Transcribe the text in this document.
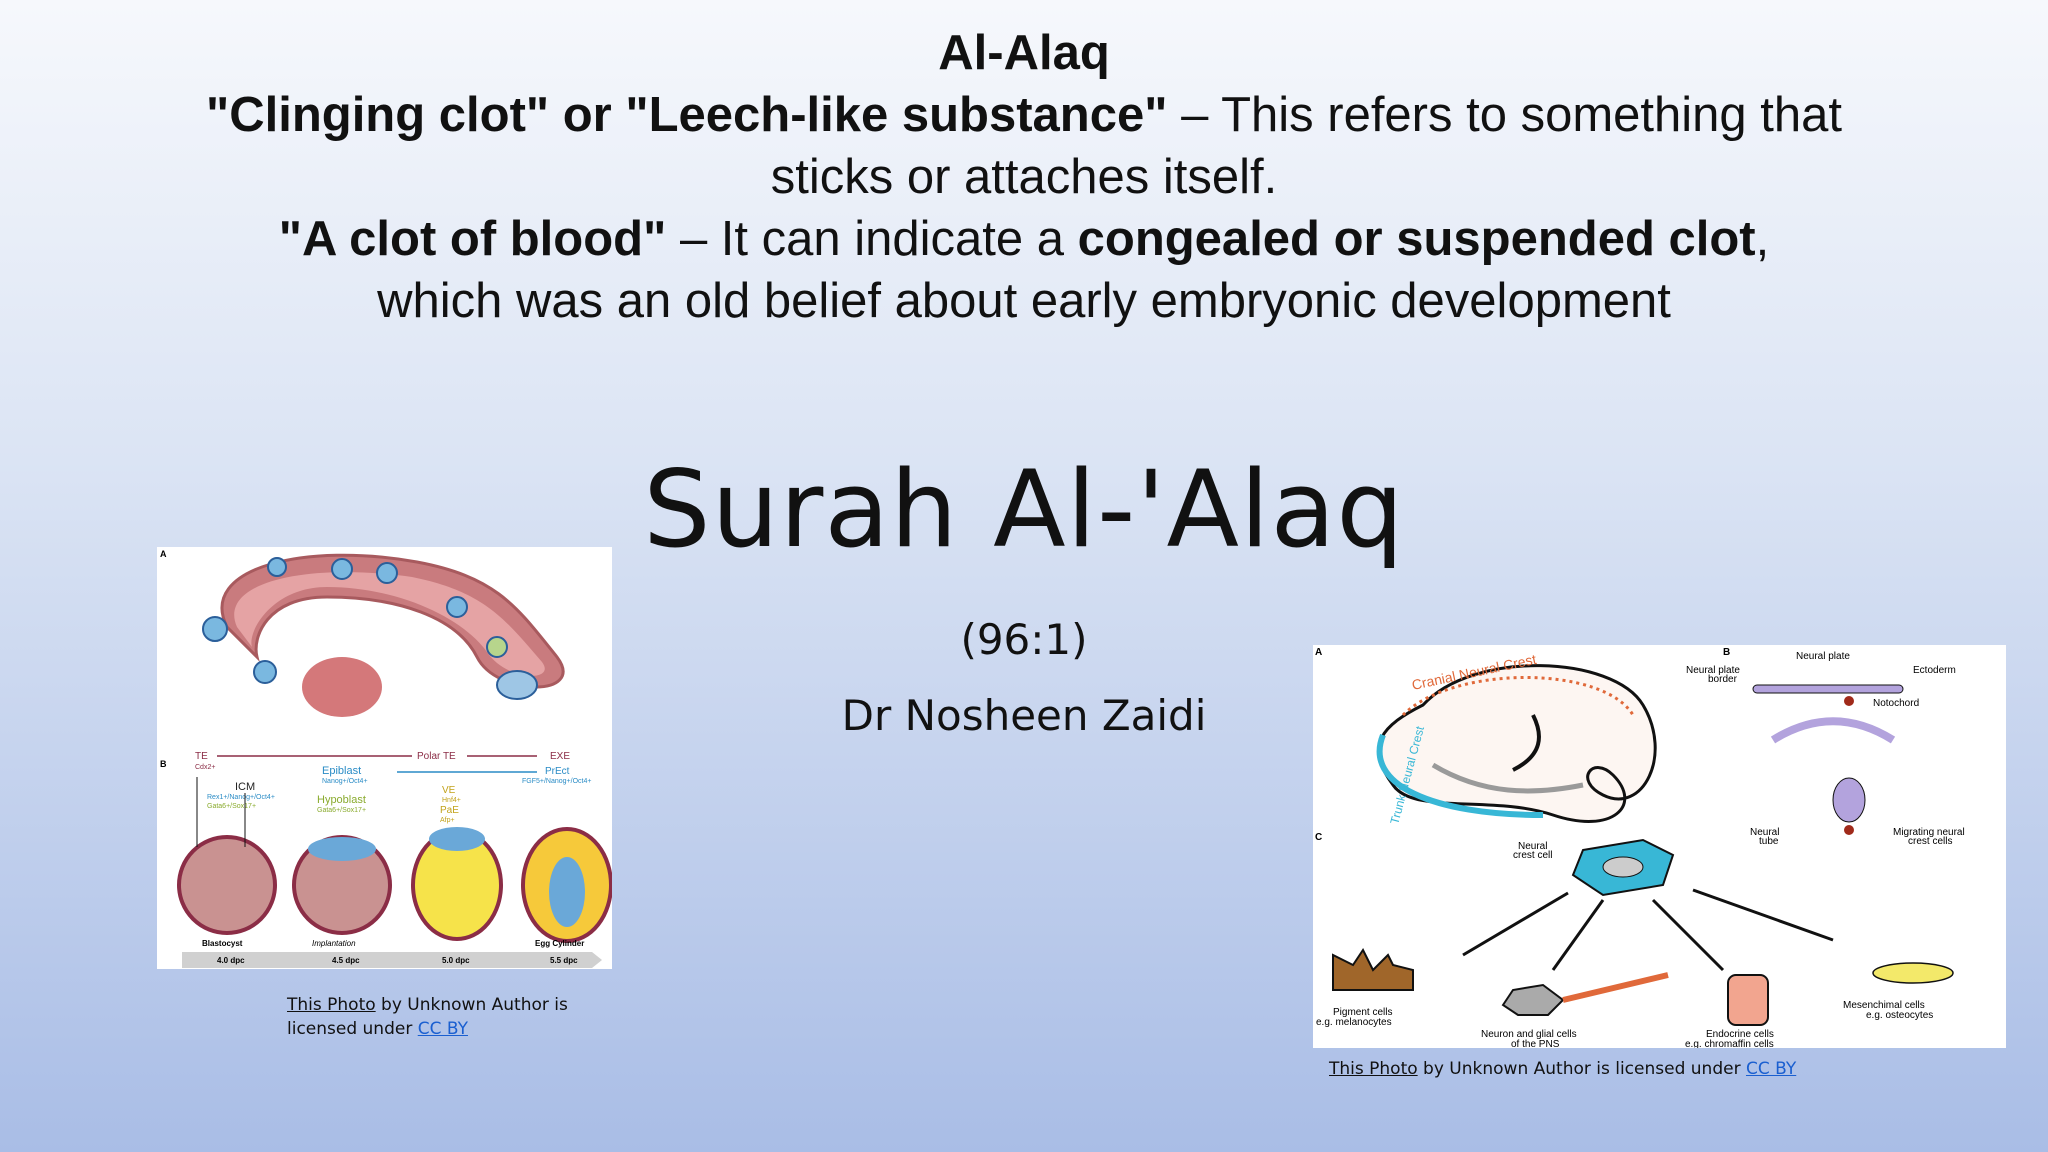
Al-Alaq
"Clinging clot" or "Leech-like substance" – This refers to something that
sticks or attaches itself.
"A clot of blood" – It can indicate a congealed or suspended clot,
which was an old belief about early embryonic development
Surah Al-'Alaq
(96:1)
Dr Nosheen Zaidi
A
B
TE
Cdx2+
Polar TE	EXE
Epiblast
Nanog+/Oct4+
PrEct
FGF5+/Nanog+/Oct4+
ICM
Rex1+/Nanog+/Oct4+
Gata6+/Sox17+
Hypoblast
Gata6+/Sox17+
VE
Hnf4+
PaE
Afp+
Blastocyst	Implantation	Egg Cylinder
4.0 dpc	4.5 dpc	5.0 dpc	5.5 dpc
This Photo by Unknown Author is
licensed under CC BY
A	B
C
Cranial Neural Crest
Trunk Neural Crest
Neural plate
Neural plate
border
Ectoderm
Notochord
Neural
tube
Migrating neural
crest cells
Neural
crest cell
Pigment cells
e.g. melanocytes
Neuron and glial cells
of the PNS
Endocrine cells
e.g. chromaffin cells
Mesenchimal cells
e.g. osteocytes
This Photo by Unknown Author is licensed under CC BY
